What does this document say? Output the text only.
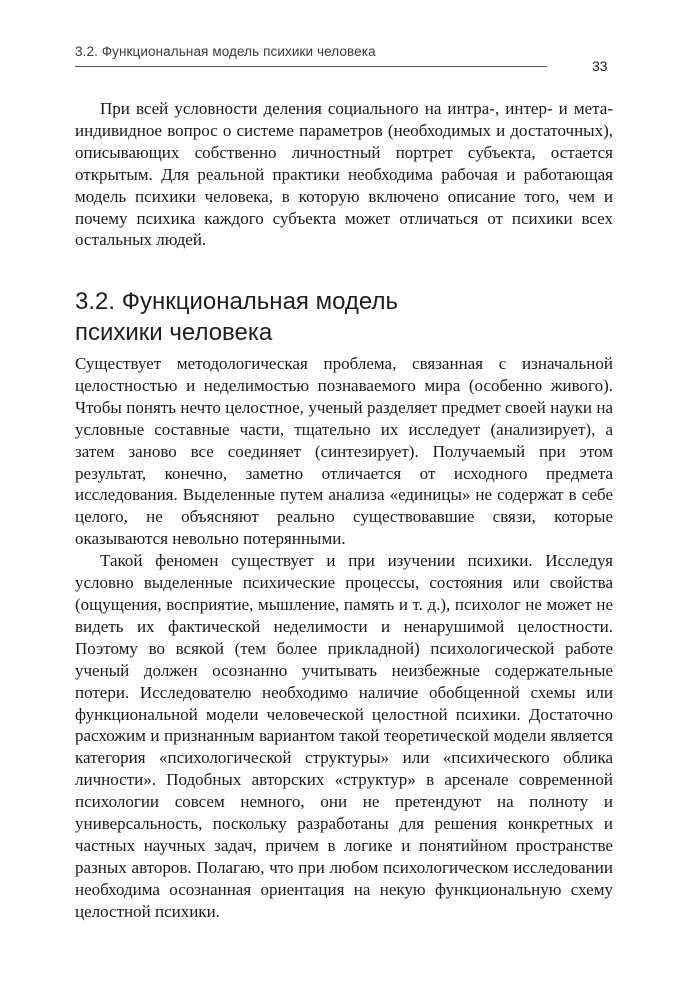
3.2. Функциональная модель психики человека
33

При всей условности деления социального на интра-, интер- и мета-индивидное вопрос о системе параметров (необходимых и достаточных), описывающих собственно личностный портрет субъекта, остается открытым. Для реальной практики необходима рабочая и работающая модель психики человека, в которую включено описание того, чем и почему психика каждого субъекта может отличаться от психики всех остальных людей.

3.2. Функциональная модель
психики человека

Существует методологическая проблема, связанная с изначальной целостностью и неделимостью познаваемого мира (особенно живого). Чтобы понять нечто целостное, ученый разделяет предмет своей науки на условные составные части, тщательно их исследует (анализирует), а затем заново все соединяет (синтезирует). Получаемый при этом результат, конечно, заметно отличается от исходного предмета исследования. Выделенные путем анализа «единицы» не содержат в себе целого, не объясняют реально существовавшие связи, которые оказываются невольно потерянными.

Такой феномен существует и при изучении психики. Исследуя условно выделенные психические процессы, состояния или свойства (ощущения, восприятие, мышление, память и т. д.), психолог не может не видеть их фактической неделимости и ненарушимой целостности. Поэтому во всякой (тем более прикладной) психологической работе ученый должен осознанно учитывать неизбежные содержательные потери. Исследователю необходимо наличие обобщенной схемы или функциональной модели человеческой целостной психики. Достаточно расхожим и признанным вариантом такой теоретической модели является категория «психологической структуры» или «психического облика личности». Подобных авторских «структур» в арсенале современной психологии совсем немного, они не претендуют на полноту и универсальность, поскольку разработаны для решения конкретных и частных научных задач, причем в логике и понятийном пространстве разных авторов. Полагаю, что при любом психологическом исследовании необходима осознанная ориентация на некую функциональную схему целостной психики.
